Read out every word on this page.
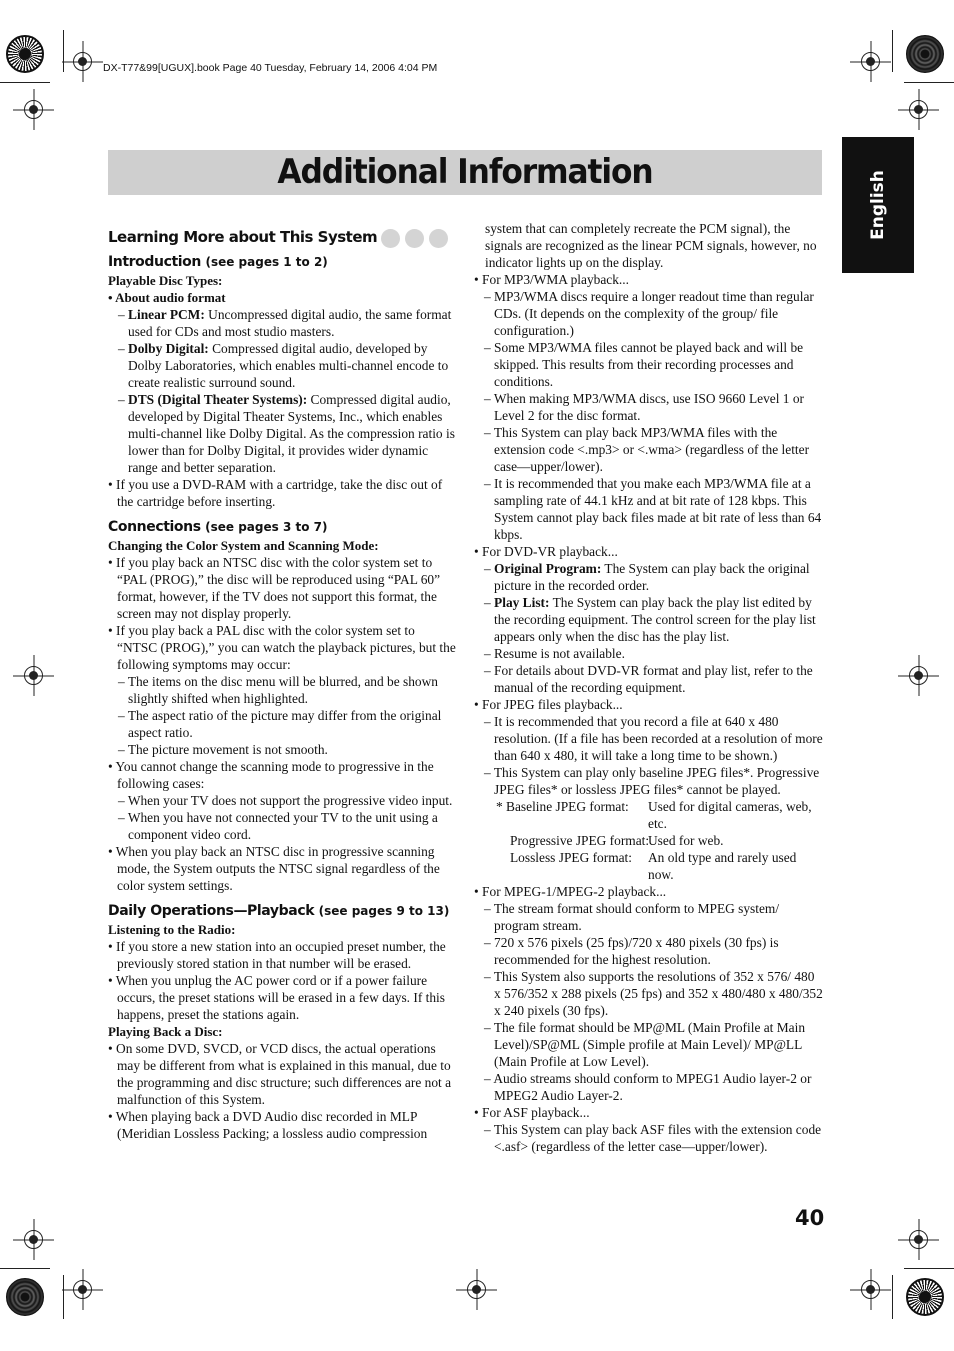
DX-T77&99[UGUX].book Page 40 Tuesday, February 14, 2006 4:04 PM
Additional Information	English
Learning More about This System
Introduction (see pages 1 to 2)
Playable Disc Types:
• About audio format
– Linear PCM: Uncompressed digital audio, the same format used for CDs and most studio masters.
– Dolby Digital: Compressed digital audio, developed by Dolby Laboratories, which enables multi-channel encode to create realistic surround sound.
– DTS (Digital Theater Systems): Compressed digital audio, developed by Digital Theater Systems, Inc., which enables multi-channel like Dolby Digital. As the compression ratio is lower than for Dolby Digital, it provides wider dynamic range and better separation.
• If you use a DVD-RAM with a cartridge, take the disc out of the cartridge before inserting.
Connections (see pages 3 to 7)
Changing the Color System and Scanning Mode:
• If you play back an NTSC disc with the color system set to “PAL (PROG),” the disc will be reproduced using “PAL 60” format, however, if the TV does not support this format, the screen may not display properly.
• If you play back a PAL disc with the color system set to “NTSC (PROG),” you can watch the playback pictures, but the following symptoms may occur:
– The items on the disc menu will be blurred, and be shown slightly shifted when highlighted.
– The aspect ratio of the picture may differ from the original aspect ratio.
– The picture movement is not smooth.
• You cannot change the scanning mode to progressive in the following cases:
– When your TV does not support the progressive video input.
– When you have not connected your TV to the unit using a component video cord.
• When you play back an NTSC disc in progressive scanning mode, the System outputs the NTSC signal regardless of the color system settings.
Daily Operations—Playback (see pages 9 to 13)
Listening to the Radio:
• If you store a new station into an occupied preset number, the previously stored station in that number will be erased.
• When you unplug the AC power cord or if a power failure occurs, the preset stations will be erased in a few days. If this happens, preset the stations again.
Playing Back a Disc:
• On some DVD, SVCD, or VCD discs, the actual operations may be different from what is explained in this manual, due to the programming and disc structure; such differences are not a malfunction of this System.
• When playing back a DVD Audio disc recorded in MLP (Meridian Lossless Packing; a lossless audio compression
system that can completely recreate the PCM signal), the signals are recognized as the linear PCM signals, however, no indicator lights up on the display.
• For MP3/WMA playback...
– MP3/WMA discs require a longer readout time than regular CDs. (It depends on the complexity of the group/ file configuration.)
– Some MP3/WMA files cannot be played back and will be skipped. This results from their recording processes and conditions.
– When making MP3/WMA discs, use ISO 9660 Level 1 or Level 2 for the disc format.
– This System can play back MP3/WMA files with the extension code <.mp3> or <.wma> (regardless of the letter case—upper/lower).
– It is recommended that you make each MP3/WMA file at a sampling rate of 44.1 kHz and at bit rate of 128 kbps. This System cannot play back files made at bit rate of less than 64 kbps.
• For DVD-VR playback...
– Original Program: The System can play back the original picture in the recorded order.
– Play List: The System can play back the play list edited by the recording equipment. The control screen for the play list appears only when the disc has the play list.
– Resume is not available.
– For details about DVD-VR format and play list, refer to the manual of the recording equipment.
• For JPEG files playback...
– It is recommended that you record a file at 640 x 480 resolution. (If a file has been recorded at a resolution of more than 640 x 480, it will take a long time to be shown.)
– This System can play only baseline JPEG files*. Progressive JPEG files* or lossless JPEG files* cannot be played.
* Baseline JPEG format:	Used for digital cameras, web, etc.
Progressive JPEG format:
Used for web.
Lossless JPEG format:	An old type and rarely used now.
• For MPEG-1/MPEG-2 playback...
– The stream format should conform to MPEG system/ program stream.
– 720 x 576 pixels (25 fps)/720 x 480 pixels (30 fps) is recommended for the highest resolution.
– This System also supports the resolutions of 352 x 576/ 480 x 576/352 x 288 pixels (25 fps) and 352 x 480/480 x 480/352 x 240 pixels (30 fps).
– The file format should be MP@ML (Main Profile at Main Level)/SP@ML (Simple profile at Main Level)/ MP@LL (Main Profile at Low Level).
– Audio streams should conform to MPEG1 Audio layer-2 or MPEG2 Audio Layer-2.
• For ASF playback...
– This System can play back ASF files with the extension code <.asf> (regardless of the letter case—upper/lower).
40
